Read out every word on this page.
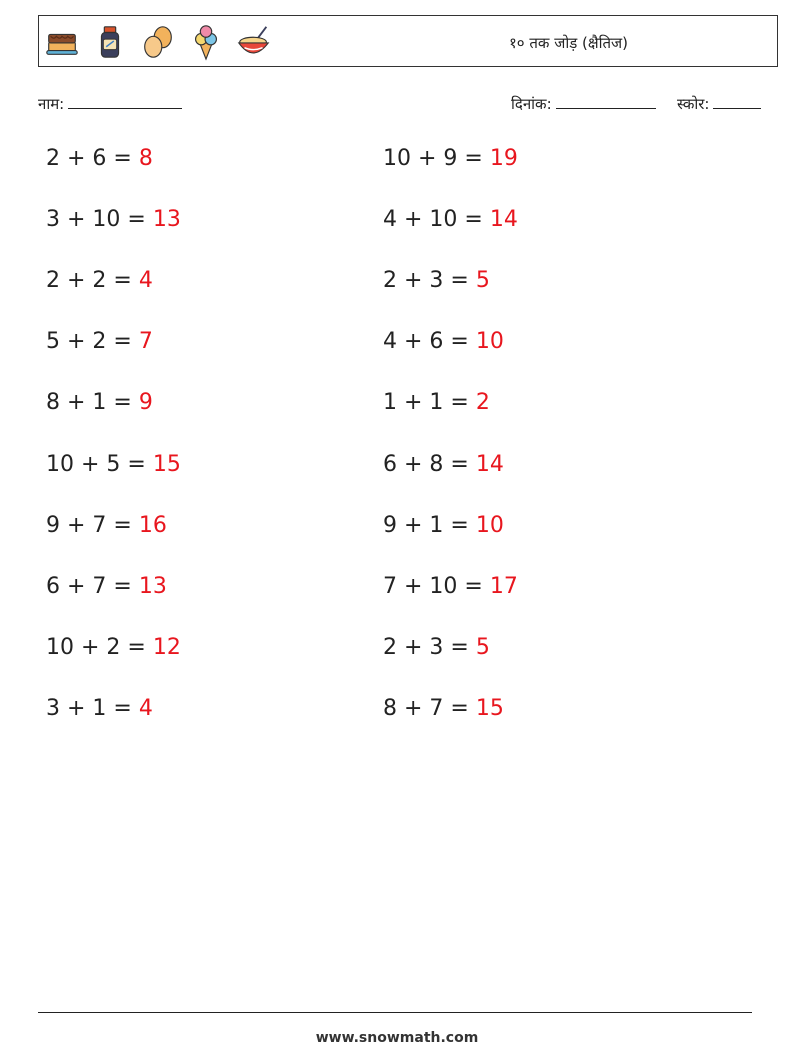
१० तक जोड़ (क्षैतिज)
नाम:	दिनांक:	स्कोर:
2 + 6 = 8	10 + 9 = 19
3 + 10 = 13	4 + 10 = 14
2 + 2 = 4	2 + 3 = 5
5 + 2 = 7	4 + 6 = 10
8 + 1 = 9	1 + 1 = 2
10 + 5 = 15	6 + 8 = 14
9 + 7 = 16	9 + 1 = 10
6 + 7 = 13	7 + 10 = 17
10 + 2 = 12	2 + 3 = 5
3 + 1 = 4	8 + 7 = 15
www.snowmath.com
